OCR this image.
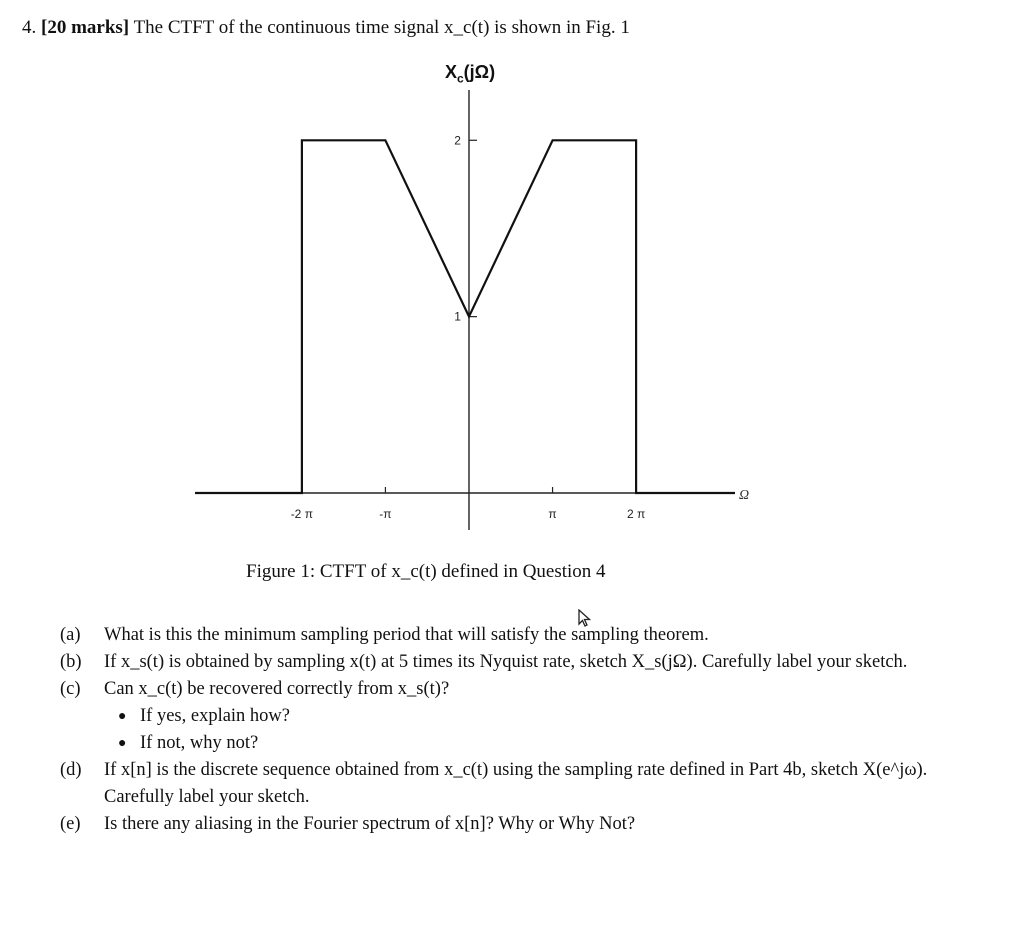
4. [20 marks] The CTFT of the continuous time signal x_c(t) is shown in Fig. 1
$X_c(j\Omega)$
Ω
-2 π	-π	π	2 π
1
2
Figure 1: CTFT of x_c(t) defined in Question 4
(a)	What is this the minimum sampling period that will satisfy the sampling theorem.
(b)	If x_s(t) is obtained by sampling x(t) at 5 times its Nyquist rate, sketch X_s(jΩ). Carefully label your sketch.
(c)	Can x_c(t) be recovered correctly from x_s(t)?
● If yes, explain how?
● If not, why not?
(d)	If x[n] is the discrete sequence obtained from x_c(t) using the sampling rate defined in Part 4b, sketch X(e^jω). Carefully label your sketch.
(e)	Is there any aliasing in the Fourier spectrum of x[n]? Why or Why Not?
